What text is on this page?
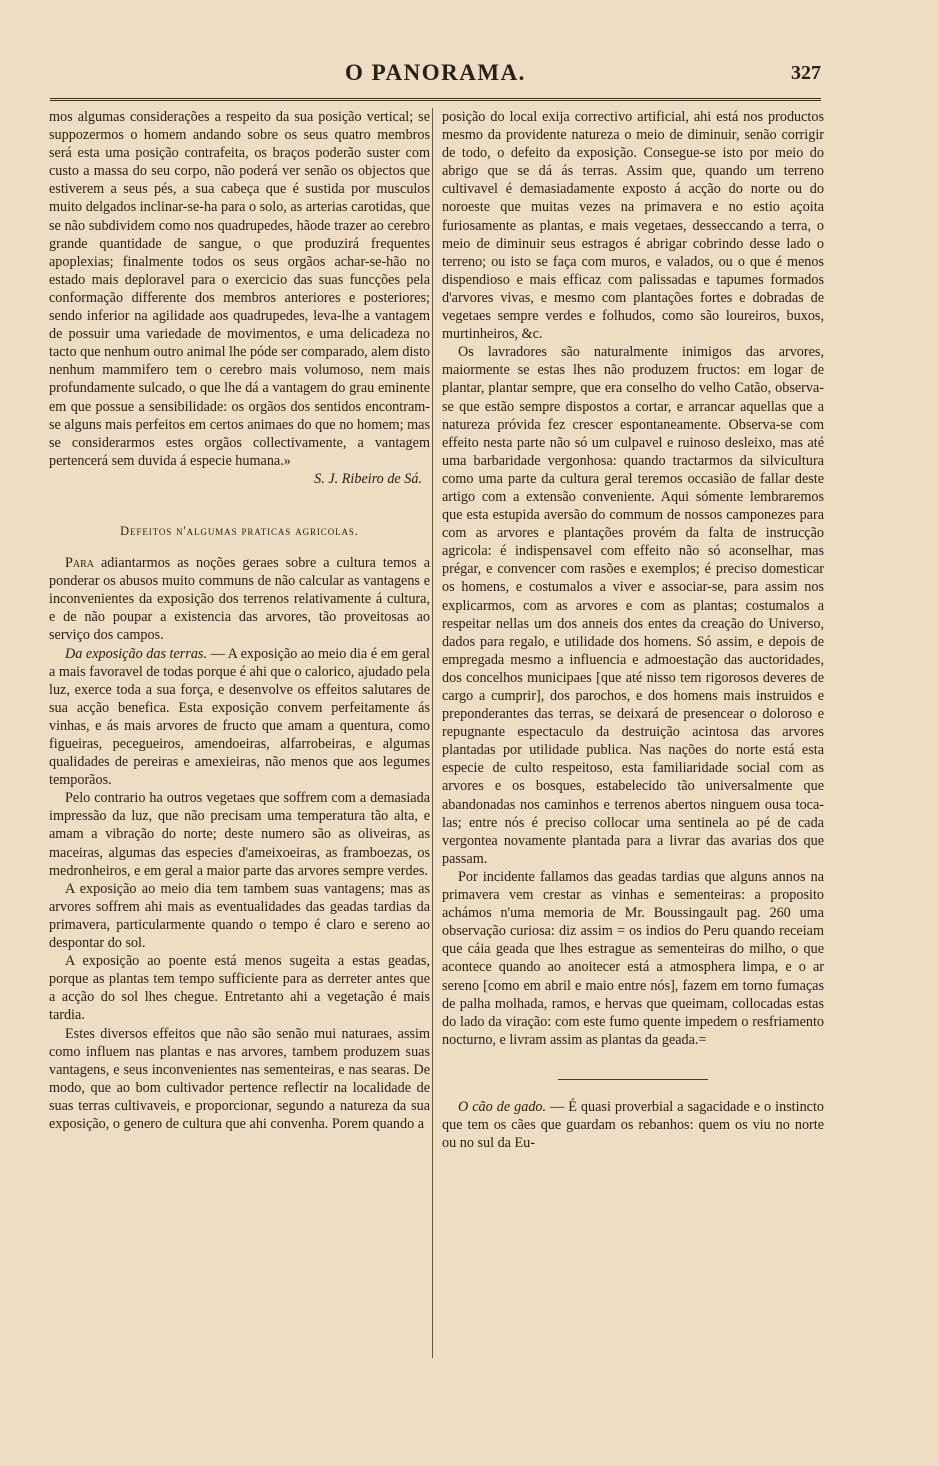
O PANORAMA.	327

mos algumas considerações a respeito da sua posição vertical; se suppozermos o homem andando sobre os seus quatro membros será esta uma posição contrafeita, os braços poderão suster com custo a massa do seu corpo, não poderá ver senão os objectos que estiverem a seus pés, a sua cabeça que é sustida por musculos muito delgados inclinar-se-ha para o solo, as arterias carotidas, que se não subdividem como nos quadrupedes, hãode trazer ao cerebro grande quantidade de sangue, o que produzirá frequentes apoplexias; finalmente todos os seus orgãos achar-se-hão no estado mais deploravel para o exercicio das suas funcções pela conformação differente dos membros anteriores e posteriores; sendo inferior na agilidade aos quadrupedes, leva-lhe a vantagem de possuir uma variedade de movimentos, e uma delicadeza no tacto que nenhum outro animal lhe póde ser comparado, alem disto nenhum mammifero tem o cerebro mais volumoso, nem mais profundamente sulcado, o que lhe dá a vantagem do grau eminente em que possue a sensibilidade: os orgãos dos sentidos encontram-se alguns mais perfeitos em certos animaes do que no homem; mas se considerarmos estes orgãos collectivamente, a vantagem pertencerá sem duvida á especie humana.»

S. J. Ribeiro de Sá.

Defeitos n'algumas praticas agricolas.

Para adiantarmos as noções geraes sobre a cultura temos a ponderar os abusos muito communs de não calcular as vantagens e inconvenientes da exposição dos terrenos relativamente á cultura, e de não poupar a existencia das arvores, tão proveitosas ao serviço dos campos.

Da exposição das terras. — A exposição ao meio dia é em geral a mais favoravel de todas porque é ahi que o calorico, ajudado pela luz, exerce toda a sua força, e desenvolve os effeitos salutares de sua acção benefica. Esta exposição convem perfeitamente ás vinhas, e ás mais arvores de fructo que amam a quentura, como figueiras, pecegueiros, amendoeiras, alfarrobeiras, e algumas qualidades de pereiras e amexieiras, não menos que aos legumes temporãos.

Pelo contrario ha outros vegetaes que soffrem com a demasiada impressão da luz, que não precisam uma temperatura tão alta, e amam a vibração do norte; deste numero são as oliveiras, as maceiras, algumas das especies d'ameixoeiras, as framboezas, os medronheiros, e em geral a maior parte das arvores sempre verdes.

A exposição ao meio dia tem tambem suas vantagens; mas as arvores soffrem ahi mais as eventualidades das geadas tardias da primavera, particularmente quando o tempo é claro e sereno ao despontar do sol.

A exposição ao poente está menos sugeita a estas geadas, porque as plantas tem tempo sufficiente para as derreter antes que a acção do sol lhes chegue. Entretanto ahi a vegetação é mais tardia.

Estes diversos effeitos que não são senão mui naturaes, assim como influem nas plantas e nas arvores, tambem produzem suas vantagens, e seus inconvenientes nas sementeiras, e nas searas. De modo, que ao bom cultivador pertence reflectir na localidade de suas terras cultivaveis, e proporcionar, segundo a natureza da sua exposição, o genero de cultura que ahi convenha. Porem quando a

posição do local exija correctivo artificial, ahi está nos productos mesmo da providente natureza o meio de diminuir, senão corrigir de todo, o defeito da exposição. Consegue-se isto por meio do abrigo que se dá ás terras. Assim que, quando um terreno cultivavel é demasiadamente exposto á acção do norte ou do noroeste que muitas vezes na primavera e no estio açoita furiosamente as plantas, e mais vegetaes, desseccando a terra, o meio de diminuir seus estragos é abrigar cobrindo desse lado o terreno; ou isto se faça com muros, e valados, ou o que é menos dispendioso e mais efficaz com palissadas e tapumes formados d'arvores vivas, e mesmo com plantações fortes e dobradas de vegetaes sempre verdes e folhudos, como são loureiros, buxos, murtinheiros, &c.

Os lavradores são naturalmente inimigos das arvores, maiormente se estas lhes não produzem fructos: em logar de plantar, plantar sempre, que era conselho do velho Catão, observa-se que estão sempre dispostos a cortar, e arrancar aquellas que a natureza próvida fez crescer espontaneamente. Observa-se com effeito nesta parte não só um culpavel e ruinoso desleixo, mas até uma barbaridade vergonhosa: quando tractarmos da silvicultura como uma parte da cultura geral teremos occasião de fallar deste artigo com a extensão conveniente. Aqui sómente lembraremos que esta estupida aversão do commum de nossos camponezes para com as arvores e plantações provém da falta de instrucção agricola: é indispensavel com effeito não só aconselhar, mas prégar, e convencer com rasões e exemplos; é preciso domesticar os homens, e costumalos a viver e associar-se, para assim nos explicarmos, com as arvores e com as plantas; costumalos a respeitar nellas um dos anneis dos entes da creação do Universo, dados para regalo, e utilidade dos homens. Só assim, e depois de empregada mesmo a influencia e admoestação das auctoridades, dos concelhos municipaes [que até nisso tem rigorosos deveres de cargo a cumprir], dos parochos, e dos homens mais instruidos e preponderantes das terras, se deixará de presencear o doloroso e repugnante espectaculo da destruição acintosa das arvores plantadas por utilidade publica. Nas nações do norte está esta especie de culto respeitoso, esta familiaridade social com as arvores e os bosques, estabelecido tão universalmente que abandonadas nos caminhos e terrenos abertos ninguem ousa toca-las; entre nós é preciso collocar uma sentinela ao pé de cada vergontea novamente plantada para a livrar das avarias dos que passam.

Por incidente fallamos das geadas tardias que alguns annos na primavera vem crestar as vinhas e sementeiras: a proposito achámos n'uma memoria de Mr. Boussingault pag. 260 uma observação curiosa: diz assim = os indios do Peru quando receiam que cáia geada que lhes estrague as sementeiras do milho, o que acontece quando ao anoitecer está a atmosphera limpa, e o ar sereno [como em abril e maio entre nós], fazem em torno fumaças de palha molhada, ramos, e hervas que queimam, collocadas estas do lado da viração: com este fumo quente impedem o resfriamento nocturno, e livram assim as plantas da geada.=

O cão de gado. — É quasi proverbial a sagacidade e o instincto que tem os cães que guardam os rebanhos: quem os viu no norte ou no sul da Eu-
